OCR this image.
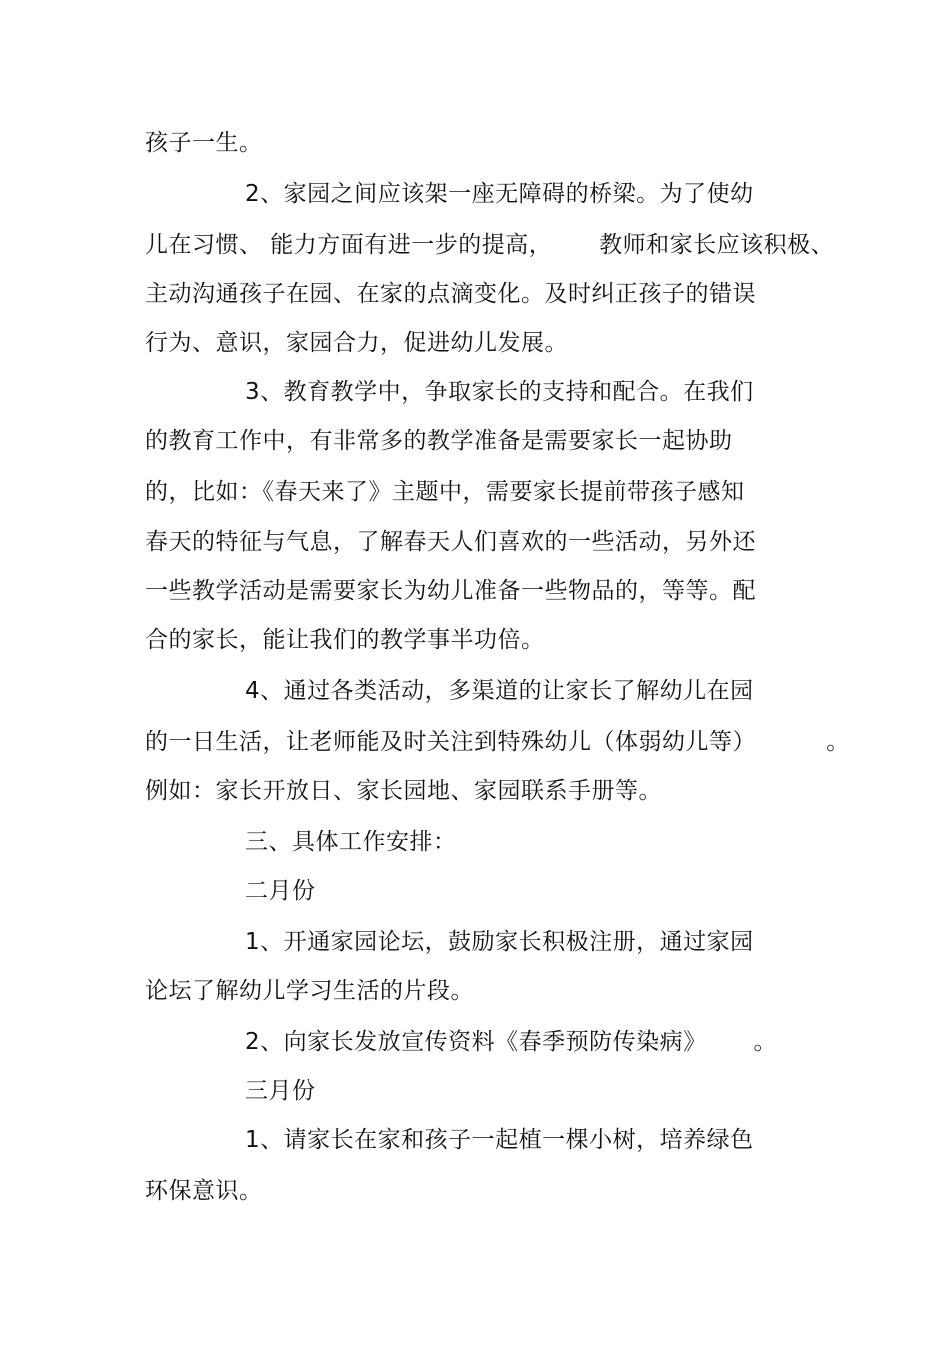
孩子一生。
2、家园之间应该架一座无障碍的桥梁。为了使幼
儿在习惯、 能力方面有进一步的提高，      教师和家长应该积极、
主动沟通孩子在园、在家的点滴变化。及时纠正孩子的错误
行为、意识，家园合力，促进幼儿发展。
3、教育教学中，争取家长的支持和配合。在我们
的教育工作中，有非常多的教学准备是需要家长一起协助
的，比如：《春天来了》主题中，需要家长提前带孩子感知
春天的特征与气息，了解春天人们喜欢的一些活动，另外还
一些教学活动是需要家长为幼儿准备一些物品的，等等。配
合的家长，能让我们的教学事半功倍。
4、通过各类活动，多渠道的让家长了解幼儿在园
的一日生活，让老师能及时关注到特殊幼儿（体弱幼儿等）         。
例如：家长开放日、家长园地、家园联系手册等。
三、具体工作安排：
二月份
1、开通家园论坛，鼓励家长积极注册，通过家园
论坛了解幼儿学习生活的片段。
2、向家长发放宣传资料《春季预防传染病》      。
三月份
1、请家长在家和孩子一起植一棵小树，培养绿色
环保意识。
